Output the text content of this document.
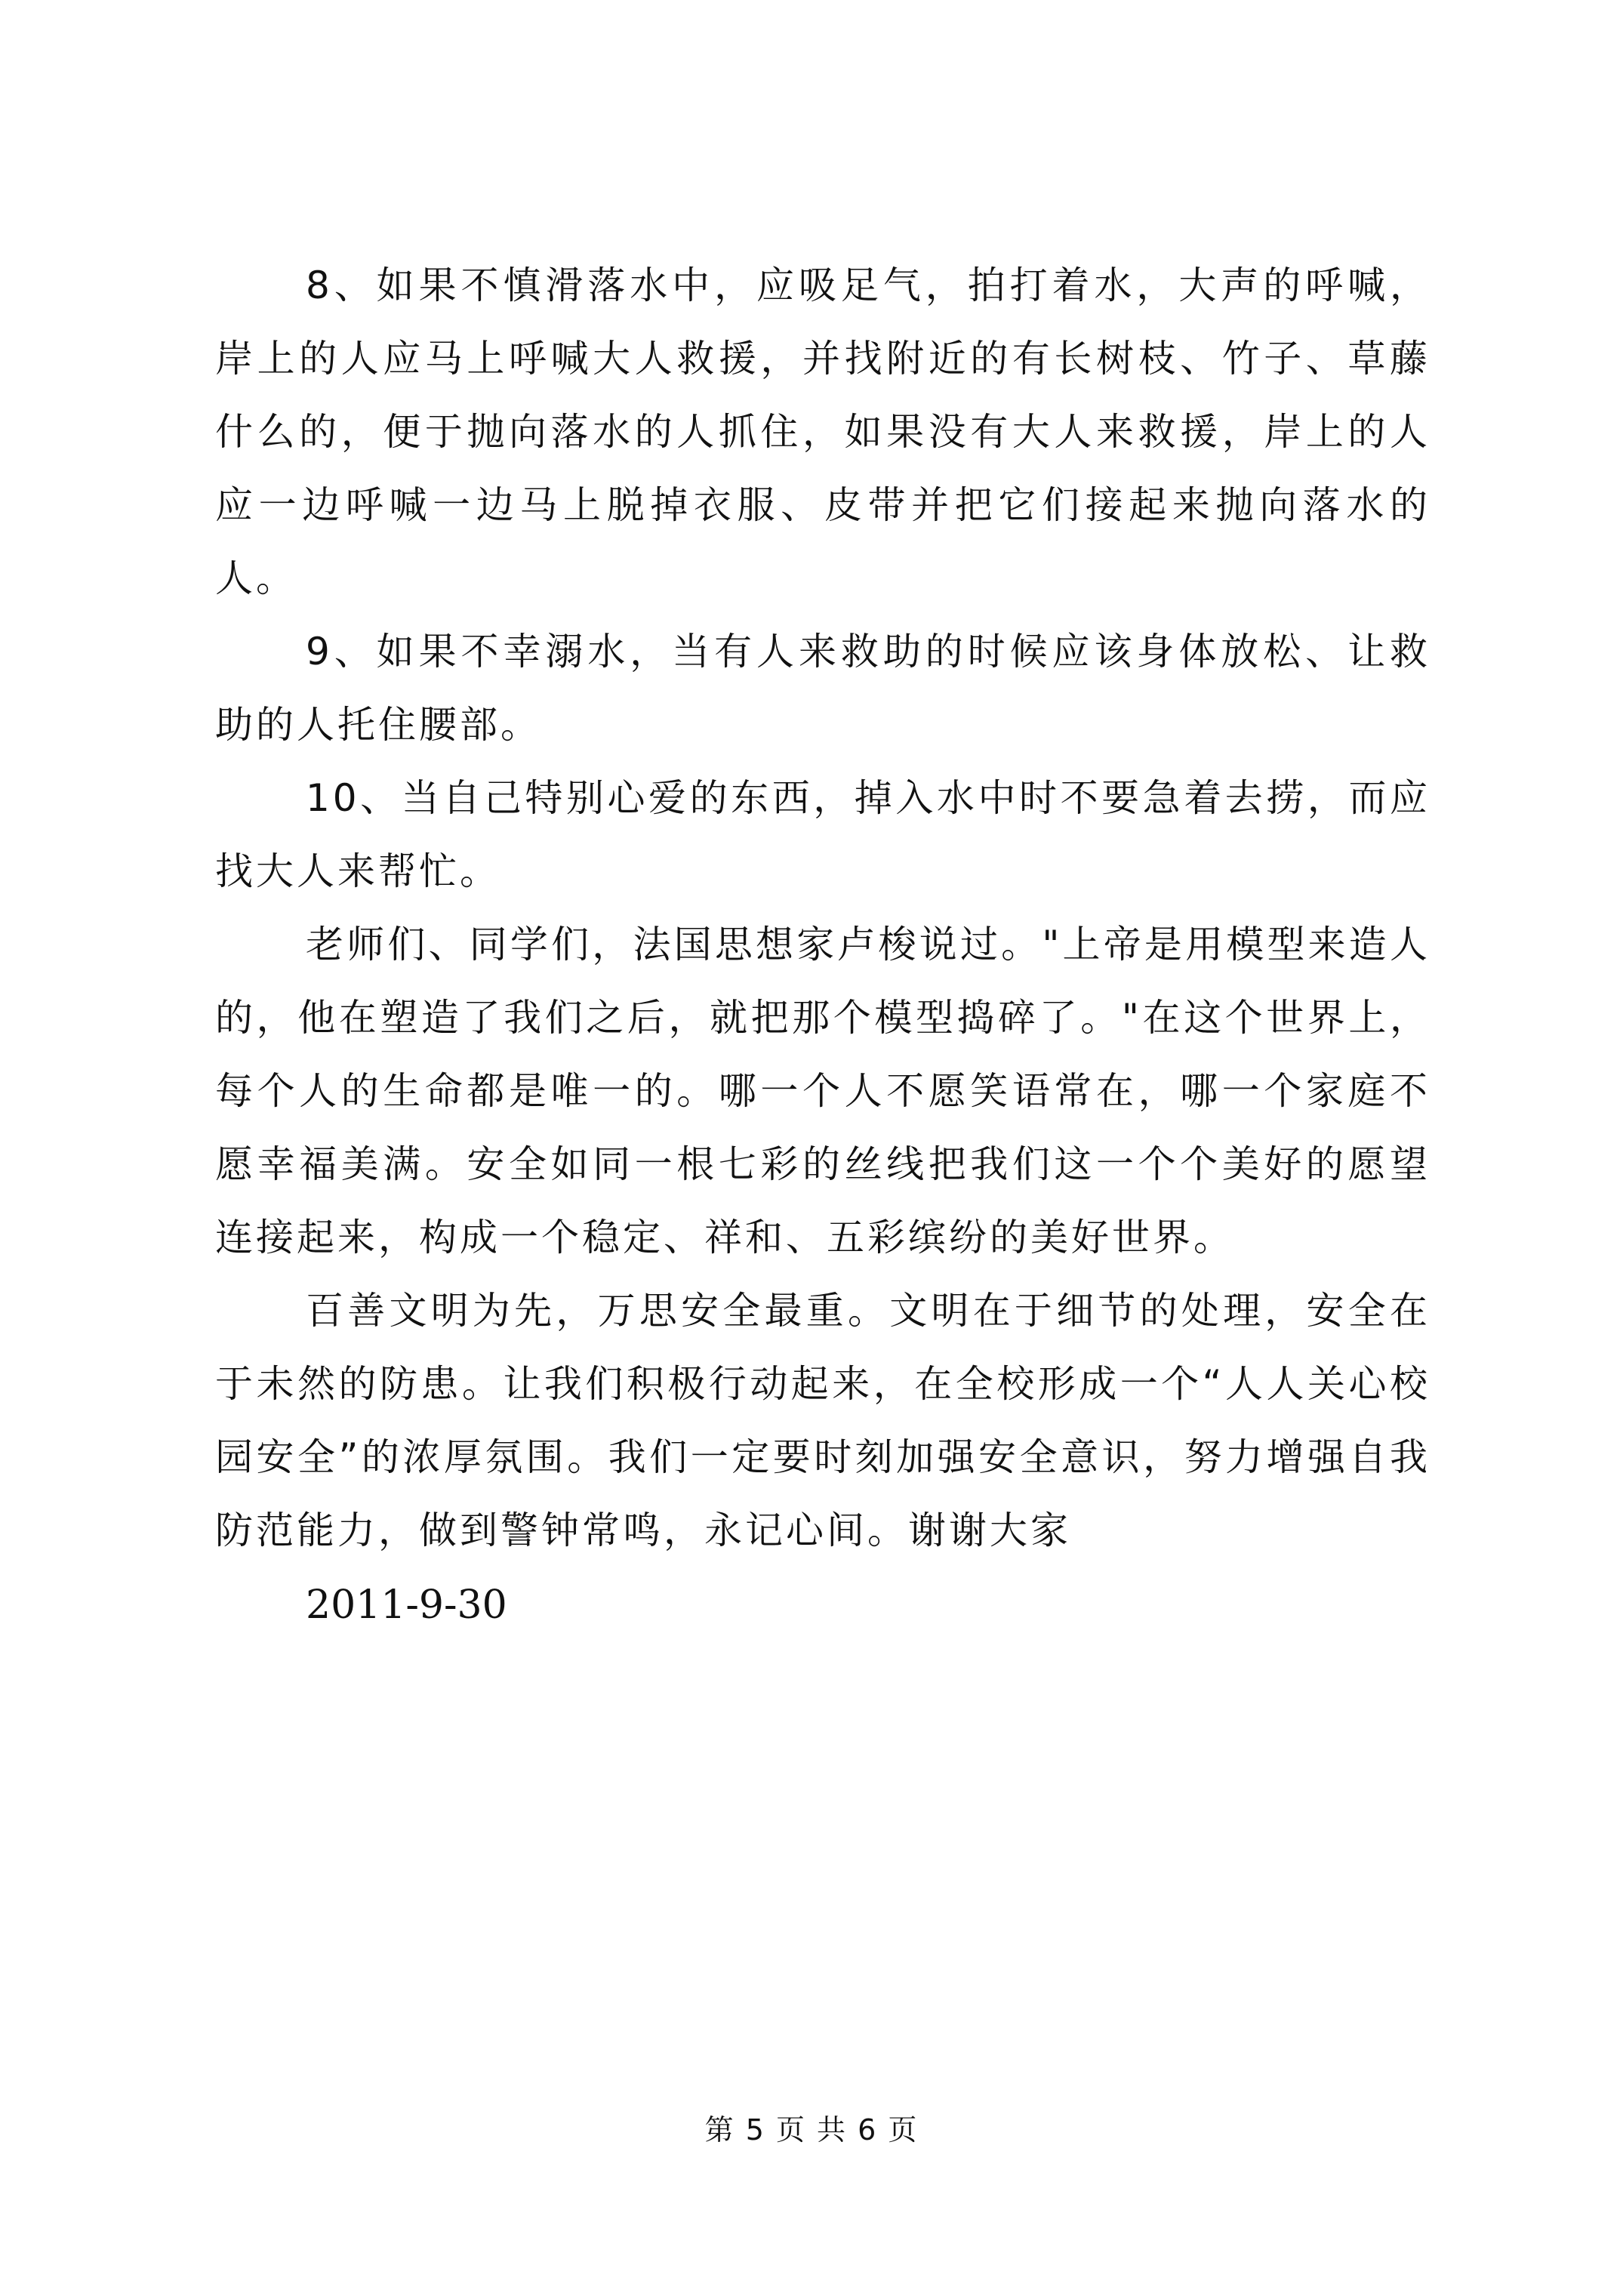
8、如果不慎滑落水中，应吸足气，拍打着水，大声的呼喊，岸上的人应马上呼喊大人救援，并找附近的有长树枝、竹子、草藤什么的，便于抛向落水的人抓住，如果没有大人来救援，岸上的人应一边呼喊一边马上脱掉衣服、皮带并把它们接起来抛向落水的人。

9、如果不幸溺水，当有人来救助的时候应该身体放松、让救助的人托住腰部。

10、当自己特别心爱的东西，掉入水中时不要急着去捞，而应找大人来帮忙。

老师们、同学们，法国思想家卢梭说过。"上帝是用模型来造人的，他在塑造了我们之后，就把那个模型捣碎了。"在这个世界上，每个人的生命都是唯一的。哪一个人不愿笑语常在，哪一个家庭不愿幸福美满。安全如同一根七彩的丝线把我们这一个个美好的愿望连接起来，构成一个稳定、祥和、五彩缤纷的美好世界。

百善文明为先，万思安全最重。文明在于细节的处理，安全在于未然的防患。让我们积极行动起来，在全校形成一个“人人关心校园安全”的浓厚氛围。我们一定要时刻加强安全意识，努力增强自我防范能力，做到警钟常鸣，永记心间。谢谢大家

2011-9-30

第 5 页 共 6 页
